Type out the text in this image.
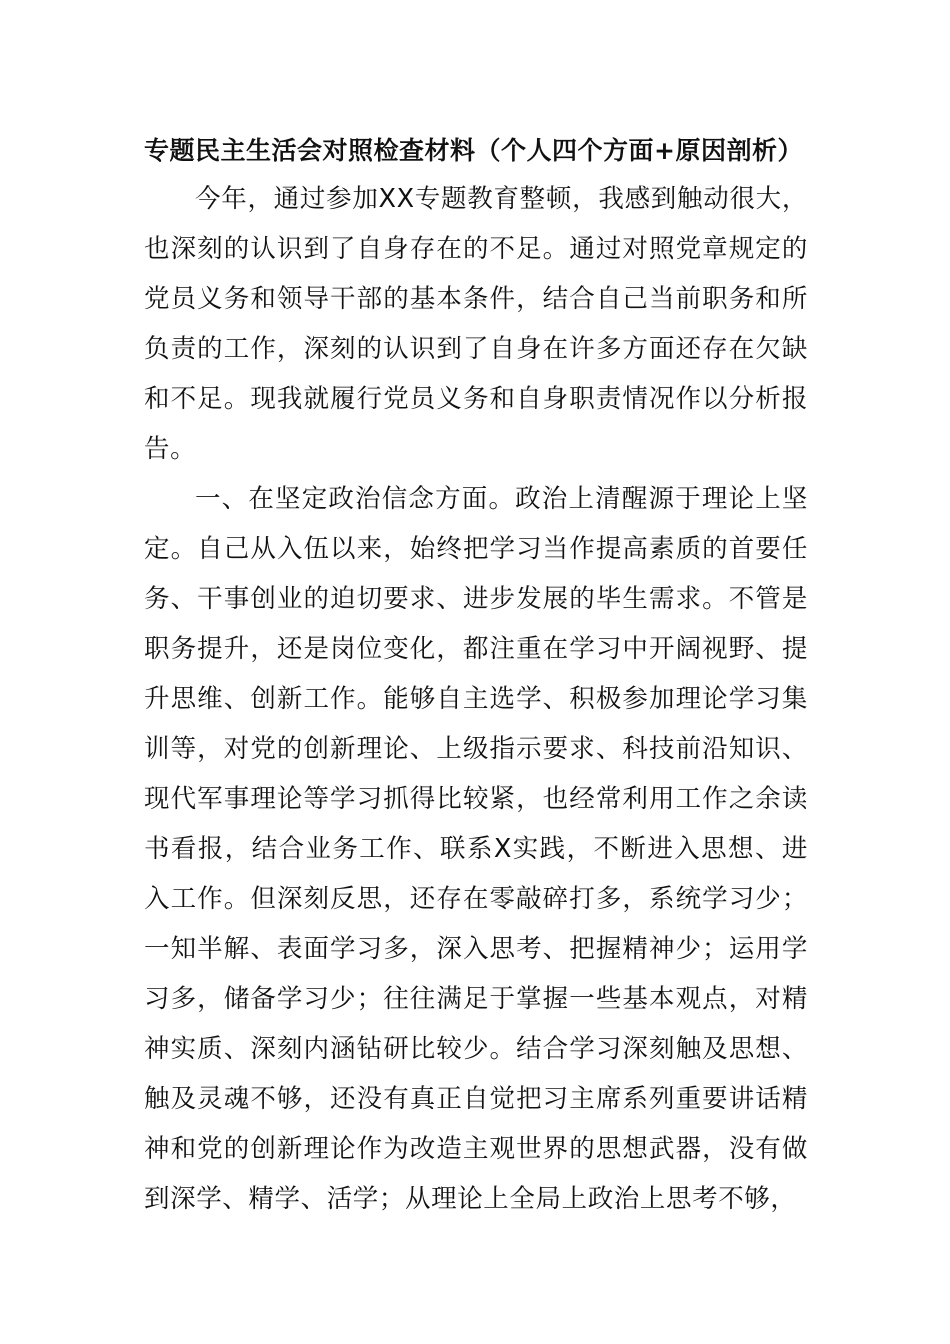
专题民主生活会对照检查材料（个人四个方面+原因剖析）

今年，通过参加XX专题教育整顿，我感到触动很大，也深刻的认识到了自身存在的不足。通过对照党章规定的党员义务和领导干部的基本条件，结合自己当前职务和所负责的工作，深刻的认识到了自身在许多方面还存在欠缺和不足。现我就履行党员义务和自身职责情况作以分析报告。

一、在坚定政治信念方面。政治上清醒源于理论上坚定。自己从入伍以来，始终把学习当作提高素质的首要任务、干事创业的迫切要求、进步发展的毕生需求。不管是职务提升，还是岗位变化，都注重在学习中开阔视野、提升思维、创新工作。能够自主选学、积极参加理论学习集训等，对党的创新理论、上级指示要求、科技前沿知识、现代军事理论等学习抓得比较紧，也经常利用工作之余读书看报，结合业务工作、联系X实践，不断进入思想、进入工作。但深刻反思，还存在零敲碎打多，系统学习少；一知半解、表面学习多，深入思考、把握精神少；运用学习多，储备学习少；往往满足于掌握一些基本观点，对精神实质、深刻内涵钻研比较少。结合学习深刻触及思想、触及灵魂不够，还没有真正自觉把习主席系列重要讲话精神和党的创新理论作为改造主观世界的思想武器，没有做到深学、精学、活学；从理论上全局上政治上思考不够，
